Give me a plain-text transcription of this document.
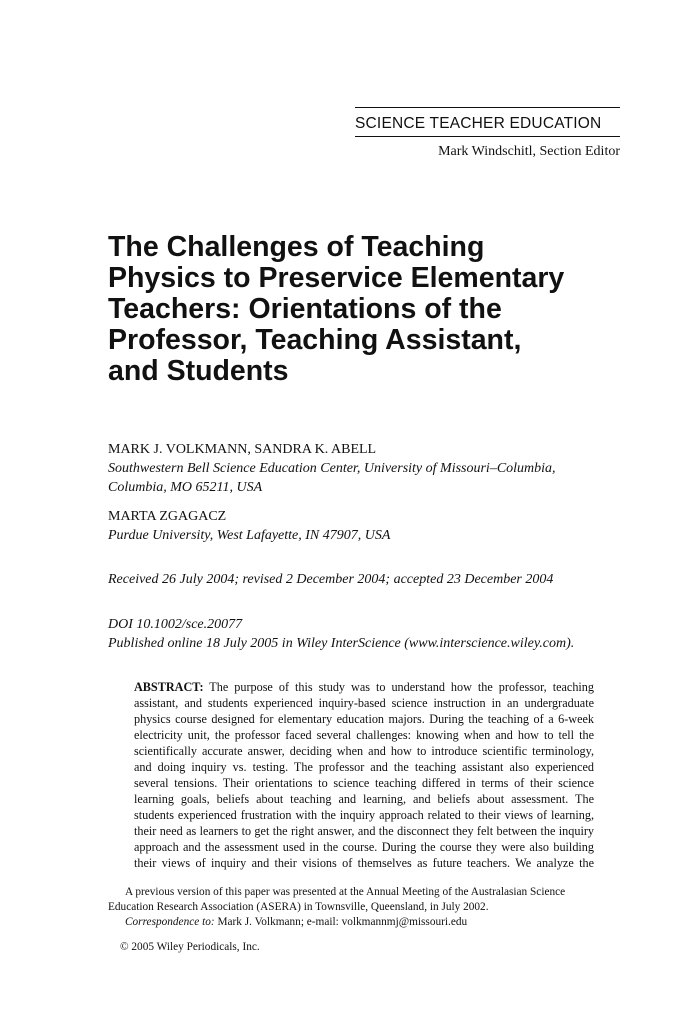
SCIENCE TEACHER EDUCATION
Mark Windschitl, Section Editor
The Challenges of Teaching
Physics to Preservice Elementary
Teachers: Orientations of the
Professor, Teaching Assistant,
and Students
MARK J. VOLKMANN, SANDRA K. ABELL
Southwestern Bell Science Education Center, University of Missouri–Columbia,
Columbia, MO 65211, USA
MARTA ZGAGACZ
Purdue University, West Lafayette, IN 47907, USA
Received 26 July 2004; revised 2 December 2004; accepted 23 December 2004
DOI 10.1002/sce.20077
Published online 18 July 2005 in Wiley InterScience (www.interscience.wiley.com).
ABSTRACT: The purpose of this study was to understand how the professor, teaching
assistant, and students experienced inquiry-based science instruction in an undergraduate
physics course designed for elementary education majors. During the teaching of a 6-week
electricity unit, the professor faced several challenges: knowing when and how to tell the
scientifically accurate answer, deciding when and how to introduce scientific terminology,
and doing inquiry vs. testing. The professor and the teaching assistant also experienced
several tensions. Their orientations to science teaching differed in terms of their science
learning goals, beliefs about teaching and learning, and beliefs about assessment. The
students experienced frustration with the inquiry approach related to their views of learning,
their need as learners to get the right answer, and the disconnect they felt between the inquiry
approach and the assessment used in the course. During the course they were also building
their views of inquiry and their visions of themselves as future teachers. We analyze the
A previous version of this paper was presented at the Annual Meeting of the Australasian Science
Education Research Association (ASERA) in Townsville, Queensland, in July 2002.
Correspondence to: Mark J. Volkmann; e-mail: volkmannmj@missouri.edu
© 2005 Wiley Periodicals, Inc.
